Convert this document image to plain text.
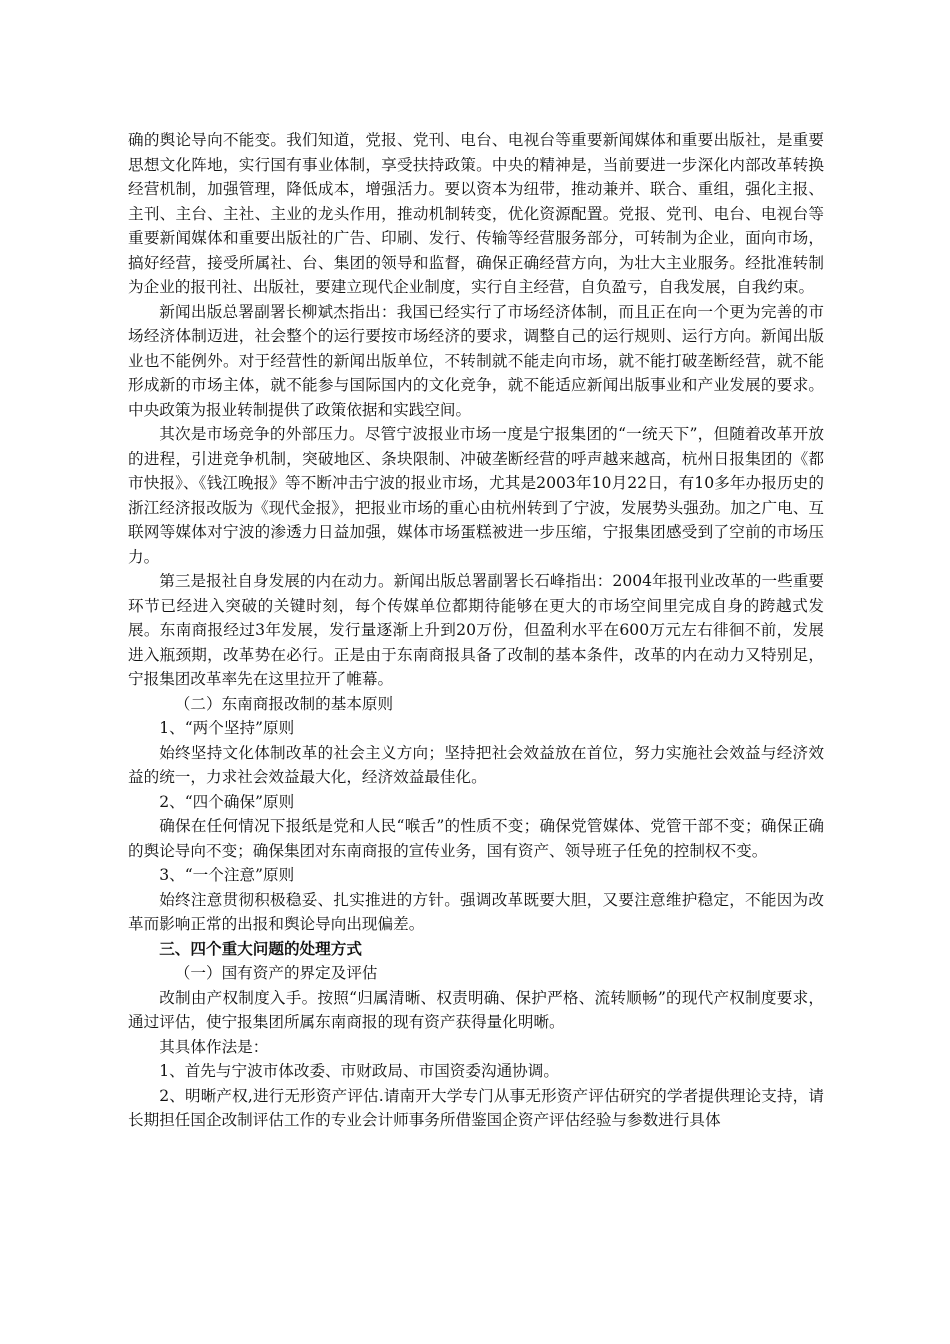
确的舆论导向不能变。我们知道，党报、党刊、电台、电视台等重要新闻媒体和重要出版社，是重要思想文化阵地，实行国有事业体制，享受扶持政策。中央的精神是，当前要进一步深化内部改革转换经营机制，加强管理，降低成本，增强活力。要以资本为纽带，推动兼并、联合、重组，强化主报、主刊、主台、主社、主业的龙头作用，推动机制转变，优化资源配置。党报、党刊、电台、电视台等重要新闻媒体和重要出版社的广告、印刷、发行、传输等经营服务部分，可转制为企业，面向市场，搞好经营，接受所属社、台、集团的领导和监督，确保正确经营方向，为壮大主业服务。经批准转制为企业的报刊社、出版社，要建立现代企业制度，实行自主经营，自负盈亏，自我发展，自我约束。

新闻出版总署副署长柳斌杰指出：我国已经实行了市场经济体制，而且正在向一个更为完善的市场经济体制迈进，社会整个的运行要按市场经济的要求，调整自己的运行规则、运行方向。新闻出版业也不能例外。对于经营性的新闻出版单位，不转制就不能走向市场，就不能打破垄断经营，就不能形成新的市场主体，就不能参与国际国内的文化竞争，就不能适应新闻出版事业和产业发展的要求。中央政策为报业转制提供了政策依据和实践空间。

其次是市场竞争的外部压力。尽管宁波报业市场一度是宁报集团的“一统天下”，但随着改革开放的进程，引进竞争机制，突破地区、条块限制、冲破垄断经营的呼声越来越高，杭州日报集团的《都市快报》、《钱江晚报》等不断冲击宁波的报业市场，尤其是2003年10月22日，有10多年办报历史的浙江经济报改版为《现代金报》，把报业市场的重心由杭州转到了宁波，发展势头强劲。加之广电、互联网等媒体对宁波的渗透力日益加强，媒体市场蛋糕被进一步压缩，宁报集团感受到了空前的市场压力。

第三是报社自身发展的内在动力。新闻出版总署副署长石峰指出：2004年报刊业改革的一些重要环节已经进入突破的关键时刻，每个传媒单位都期待能够在更大的市场空间里完成自身的跨越式发展。东南商报经过3年发展，发行量逐渐上升到20万份，但盈利水平在600万元左右徘徊不前，发展进入瓶颈期，改革势在必行。正是由于东南商报具备了改制的基本条件，改革的内在动力又特别足，宁报集团改革率先在这里拉开了帷幕。

（二）东南商报改制的基本原则

1、“两个坚持”原则

始终坚持文化体制改革的社会主义方向；坚持把社会效益放在首位，努力实施社会效益与经济效益的统一，力求社会效益最大化，经济效益最佳化。

2、“四个确保”原则

确保在任何情况下报纸是党和人民“喉舌”的性质不变；确保党管媒体、党管干部不变；确保正确的舆论导向不变；确保集团对东南商报的宣传业务，国有资产、领导班子任免的控制权不变。

3、“一个注意”原则

始终注意贯彻积极稳妥、扎实推进的方针。强调改革既要大胆，又要注意维护稳定，不能因为改革而影响正常的出报和舆论导向出现偏差。

三、四个重大问题的处理方式

（一）国有资产的界定及评估

改制由产权制度入手。按照“归属清晰、权责明确、保护严格、流转顺畅”的现代产权制度要求，通过评估，使宁报集团所属东南商报的现有资产获得量化明晰。

其具体作法是：

1、首先与宁波市体改委、市财政局、市国资委沟通协调。

2、明晰产权,进行无形资产评估.请南开大学专门从事无形资产评估研究的学者提供理论支持，请长期担任国企改制评估工作的专业会计师事务所借鉴国企资产评估经验与参数进行具体
